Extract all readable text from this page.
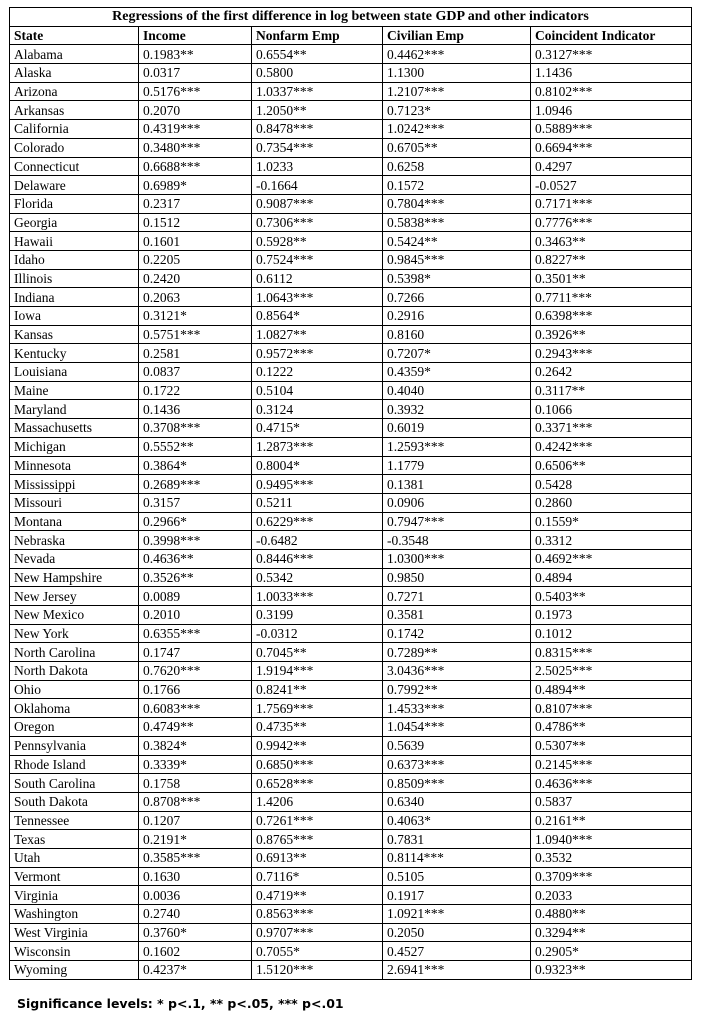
Regressions of the first difference in log between state GDP and other indicators				
State	Income	Nonfarm Emp	Civilian Emp	Coincident Indicator
Alabama	0.1983**	0.6554**	0.4462***	0.3127***
Alaska	0.0317	0.5800	1.1300	1.1436
Arizona	0.5176***	1.0337***	1.2107***	0.8102***
Arkansas	0.2070	1.2050**	0.7123*	1.0946
California	0.4319***	0.8478***	1.0242***	0.5889***
Colorado	0.3480***	0.7354***	0.6705**	0.6694***
Connecticut	0.6688***	1.0233	0.6258	0.4297
Delaware	0.6989*	-0.1664	0.1572	-0.0527
Florida	0.2317	0.9087***	0.7804***	0.7171***
Georgia	0.1512	0.7306***	0.5838***	0.7776***
Hawaii	0.1601	0.5928**	0.5424**	0.3463**
Idaho	0.2205	0.7524***	0.9845***	0.8227**
Illinois	0.2420	0.6112	0.5398*	0.3501**
Indiana	0.2063	1.0643***	0.7266	0.7711***
Iowa	0.3121*	0.8564*	0.2916	0.6398***
Kansas	0.5751***	1.0827**	0.8160	0.3926**
Kentucky	0.2581	0.9572***	0.7207*	0.2943***
Louisiana	0.0837	0.1222	0.4359*	0.2642
Maine	0.1722	0.5104	0.4040	0.3117**
Maryland	0.1436	0.3124	0.3932	0.1066
Massachusetts	0.3708***	0.4715*	0.6019	0.3371***
Michigan	0.5552**	1.2873***	1.2593***	0.4242***
Minnesota	0.3864*	0.8004*	1.1779	0.6506**
Mississippi	0.2689***	0.9495***	0.1381	0.5428
Missouri	0.3157	0.5211	0.0906	0.2860
Montana	0.2966*	0.6229***	0.7947***	0.1559*
Nebraska	0.3998***	-0.6482	-0.3548	0.3312
Nevada	0.4636**	0.8446***	1.0300***	0.4692***
New Hampshire	0.3526**	0.5342	0.9850	0.4894
New Jersey	0.0089	1.0033***	0.7271	0.5403**
New Mexico	0.2010	0.3199	0.3581	0.1973
New York	0.6355***	-0.0312	0.1742	0.1012
North Carolina	0.1747	0.7045**	0.7289**	0.8315***
North Dakota	0.7620***	1.9194***	3.0436***	2.5025***
Ohio	0.1766	0.8241**	0.7992**	0.4894**
Oklahoma	0.6083***	1.7569***	1.4533***	0.8107***
Oregon	0.4749**	0.4735**	1.0454***	0.4786**
Pennsylvania	0.3824*	0.9942**	0.5639	0.5307**
Rhode Island	0.3339*	0.6850***	0.6373***	0.2145***
South Carolina	0.1758	0.6528***	0.8509***	0.4636***
South Dakota	0.8708***	1.4206	0.6340	0.5837
Tennessee	0.1207	0.7261***	0.4063*	0.2161**
Texas	0.2191*	0.8765***	0.7831	1.0940***
Utah	0.3585***	0.6913**	0.8114***	0.3532
Vermont	0.1630	0.7116*	0.5105	0.3709***
Virginia	0.0036	0.4719**	0.1917	0.2033
Washington	0.2740	0.8563***	1.0921***	0.4880**
West Virginia	0.3760*	0.9707***	0.2050	0.3294**
Wisconsin	0.1602	0.7055*	0.4527	0.2905*
Wyoming	0.4237*	1.5120***	2.6941***	0.9323**
Significance levels: * p<.1, ** p<.05, *** p<.01
